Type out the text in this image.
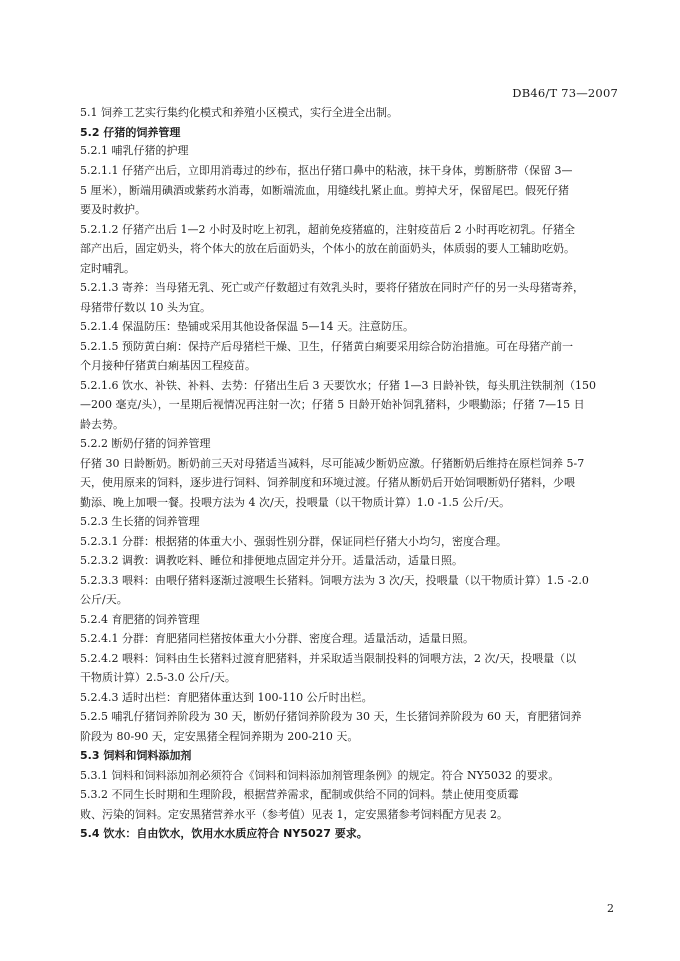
DB46/T 73—2007
5.1 饲养工艺实行集约化模式和养殖小区模式，实行全进全出制。
5.2 仔猪的饲养管理
5.2.1 哺乳仔猪的护理
5.2.1.1 仔猪产出后，立即用消毒过的纱布，抠出仔猪口鼻中的粘液，抹干身体，剪断脐带（保留 3—
5 厘米），断端用碘酒或紫药水消毒，如断端流血，用缝线扎紧止血。剪掉犬牙，保留尾巴。假死仔猪
要及时救护。
5.2.1.2 仔猪产出后 1—2 小时及时吃上初乳，超前免疫猪瘟的，注射疫苗后 2 小时再吃初乳。仔猪全
部产出后，固定奶头，将个体大的放在后面奶头，个体小的放在前面奶头，体质弱的要人工辅助吃奶。
定时哺乳。
5.2.1.3 寄养：当母猪无乳、死亡或产仔数超过有效乳头时，要将仔猪放在同时产仔的另一头母猪寄养，
母猪带仔数以 10 头为宜。
5.2.1.4 保温防压：垫铺或采用其他设备保温 5—14 天。注意防压。
5.2.1.5 预防黄白痢：保持产后母猪栏干燥、卫生，仔猪黄白痢要采用综合防治措施。可在母猪产前一
个月接种仔猪黄白痢基因工程疫苗。
5.2.1.6 饮水、补铁、补料、去势：仔猪出生后 3 天要饮水；仔猪 1—3 日龄补铁，每头肌注铁制剂（150
—200 毫克/头），一星期后视情况再注射一次；仔猪 5 日龄开始补饲乳猪料，少喂勤添；仔猪 7—15 日
龄去势。
5.2.2 断奶仔猪的饲养管理
仔猪 30 日龄断奶。断奶前三天对母猪适当减料，尽可能减少断奶应激。仔猪断奶后维持在原栏饲养 5-7
天，使用原来的饲料，逐步进行饲料、饲养制度和环境过渡。仔猪从断奶后开始饲喂断奶仔猪料，少喂
勤添、晚上加喂一餐。投喂方法为 4 次/天，投喂量（以干物质计算）1.0 -1.5 公斤/天。
5.2.3 生长猪的饲养管理
5.2.3.1 分群：根据猪的体重大小、强弱性别分群，保证同栏仔猪大小均匀，密度合理。
5.2.3.2 调教：调教吃料、睡位和排便地点固定并分开。适量活动，适量日照。
5.2.3.3 喂料：由喂仔猪料逐渐过渡喂生长猪料。饲喂方法为 3 次/天，投喂量（以干物质计算）1.5 -2.0
公斤/天。
5.2.4 育肥猪的饲养管理
5.2.4.1 分群：育肥猪同栏猪按体重大小分群、密度合理。适量活动，适量日照。
5.2.4.2 喂料：饲料由生长猪料过渡育肥猪料，并采取适当限制投料的饲喂方法，2 次/天，投喂量（以
干物质计算）2.5-3.0 公斤/天。
5.2.4.3 适时出栏：育肥猪体重达到 100-110 公斤时出栏。
5.2.5 哺乳仔猪饲养阶段为 30 天，断奶仔猪饲养阶段为 30 天，生长猪饲养阶段为 60 天，育肥猪饲养
阶段为 80-90 天，定安黑猪全程饲养期为 200-210 天。
5.3 饲料和饲料添加剂
5.3.1 饲料和饲料添加剂必须符合《饲料和饲料添加剂管理条例》的规定。符合 NY5032 的要求。
5.3.2 不同生长时期和生理阶段，根据营养需求，配制或供给不同的饲料。禁止使用变质霉
败、污染的饲料。定安黑猪营养水平（参考值）见表 1，定安黑猪参考饲料配方见表 2。
5.4 饮水：自由饮水，饮用水水质应符合 NY5027 要求。
2
